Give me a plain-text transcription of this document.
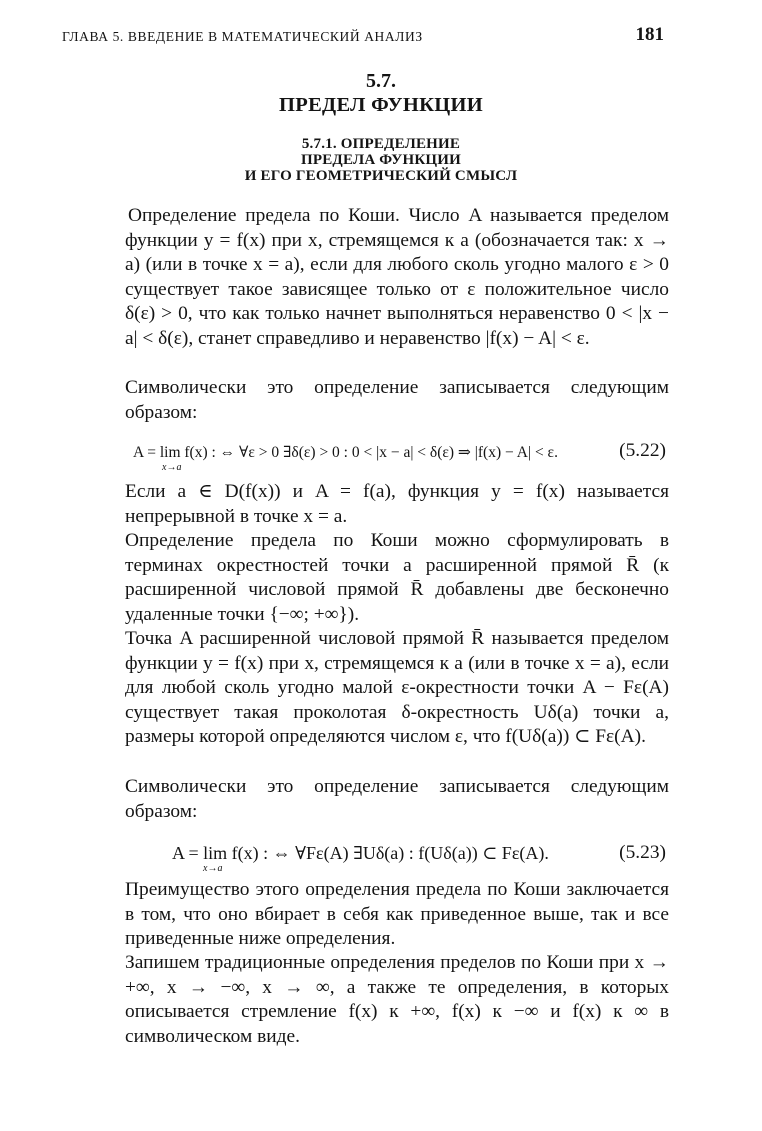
ГЛАВА 5. ВВЕДЕНИЕ В МАТЕМАТИЧЕСКИЙ АНАЛИЗ	181
5.7.
ПРЕДЕЛ ФУНКЦИИ
5.7.1. ОПРЕДЕЛЕНИЕ
ПРЕДЕЛА ФУНКЦИИ
И ЕГО ГЕОМЕТРИЧЕСКИЙ СМЫСЛ

Определение предела по Коши. Число A называется пределом функции y = f(x) при x, стремящемся к a (обозначается так: x → a) (или в точке x = a), если для любого сколь угодно малого ε > 0 существует такое зависящее только от ε положительное число δ(ε) > 0, что как только начнет выполняться неравенство 0 < |x − a| < δ(ε), станет справедливо и неравенство |f(x) − A| < ε.

Символически это определение записывается следующим образом:

A = lim f(x) : ⇔ ∀ε > 0 ∃δ(ε) > 0 : 0 < |x − a| < δ(ε) ⇒ |f(x) − A| < ε.
x→a
(5.22)

Если a ∈ D(f(x)) и A = f(a), функция y = f(x) называется непрерывной в точке x = a.

Определение предела по Коши можно сформулировать в терминах окрестностей точки a расширенной прямой R̄ (к расширенной числовой прямой R̄ добавлены две бесконечно удаленные точки {−∞; +∞}).

Точка A расширенной числовой прямой R̄ называется пределом функции y = f(x) при x, стремящемся к a (или в точке x = a), если для любой сколь угодно малой ε-окрестности точки A − Fε(A) существует такая проколотая δ-окрестность Uδ(a) точки a, размеры которой определяются числом ε, что f(Uδ(a)) ⊂ Fε(A).

Символически это определение записывается следующим образом:

A = lim f(x) : ⇔ ∀Fε(A) ∃Uδ(a) : f(Uδ(a)) ⊂ Fε(A).
x→a
(5.23)

Преимущество этого определения предела по Коши заключается в том, что оно вбирает в себя как приведенное выше, так и все приведенные ниже определения.

Запишем традиционные определения пределов по Коши при x → +∞, x → −∞, x → ∞, а также те определения, в которых описывается стремление f(x) к +∞, f(x) к −∞ и f(x) к ∞ в символическом виде.
